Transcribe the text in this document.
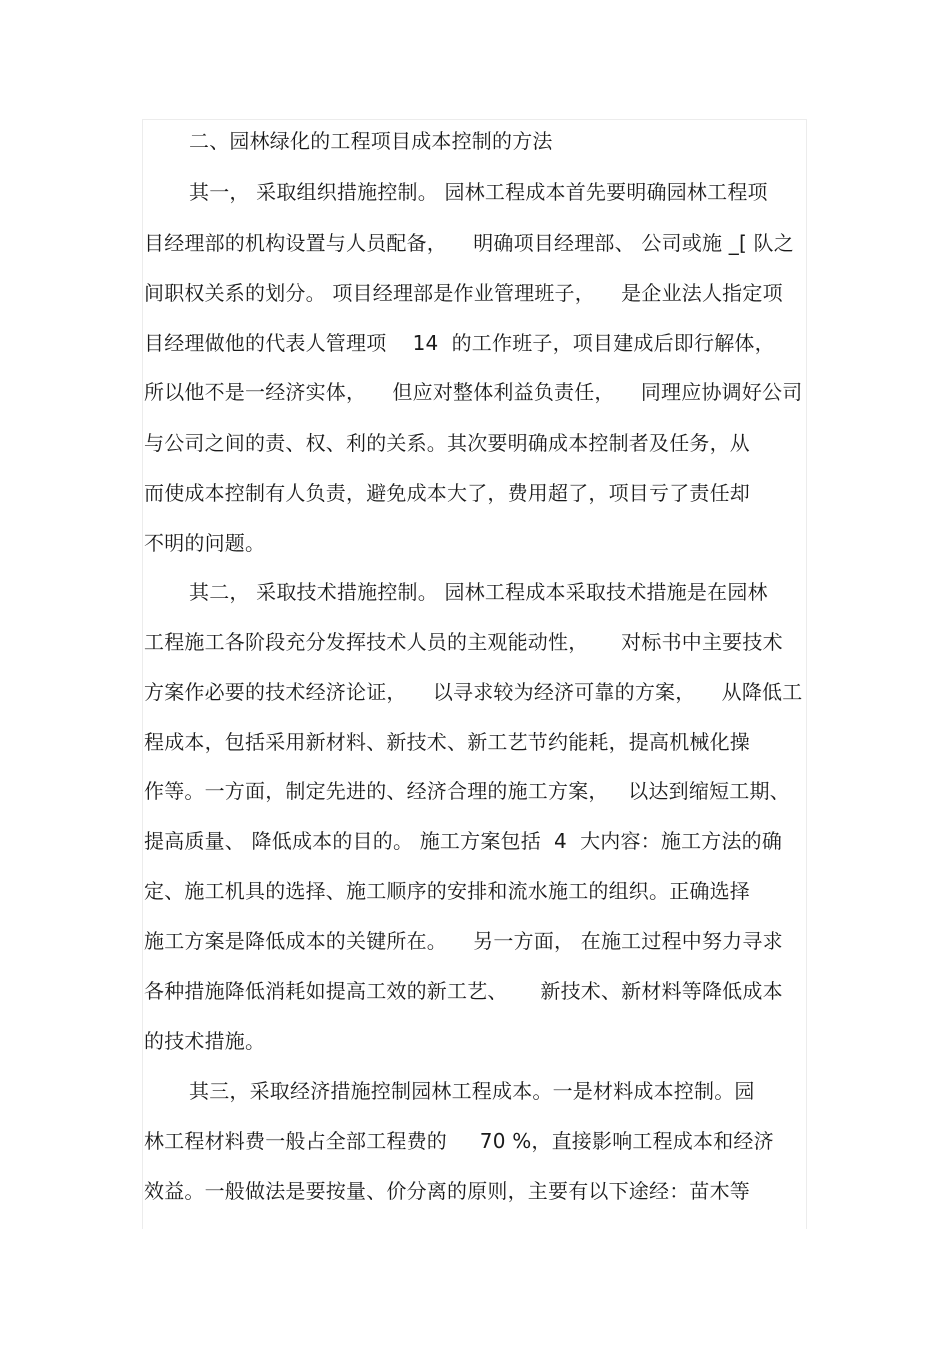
二、园林绿化的工程项目成本控制的方法
其一， 采取组织措施控制。 园林工程成本首先要明确园林工程项
目经理部的机构设置与人员配备，    明确项目经理部、 公司或施 _[ 队之
间职权关系的划分。 项目经理部是作业管理班子，    是企业法人指定项
目经理做他的代表人管理项    14  的工作班子，项目建成后即行解体，
所以他不是一经济实体，    但应对整体利益负责任，    同理应协调好公司
与公司之间的责、权、利的关系。其次要明确成本控制者及任务，从
而使成本控制有人负责，避免成本大了，费用超了，项目亏了责任却
不明的问题。
其二， 采取技术措施控制。 园林工程成本采取技术措施是在园林
工程施工各阶段充分发挥技术人员的主观能动性，     对标书中主要技术
方案作必要的技术经济论证，    以寻求较为经济可靠的方案，    从降低工
程成本，包括采用新材料、新技术、新工艺节约能耗，提高机械化操
作等。一方面，制定先进的、经济合理的施工方案，   以达到缩短工期、
提高质量、 降低成本的目的。 施工方案包括  4  大内容：施工方法的确
定、施工机具的选择、施工顺序的安排和流水施工的组织。正确选择
施工方案是降低成本的关键所在。    另一方面， 在施工过程中努力寻求
各种措施降低消耗如提高工效的新工艺、     新技术、新材料等降低成本
的技术措施。
其三，采取经济措施控制园林工程成本。一是材料成本控制。园
林工程材料费一般占全部工程费的     70 %，直接影响工程成本和经济
效益。一般做法是要按量、价分离的原则，主要有以下途经：苗木等
